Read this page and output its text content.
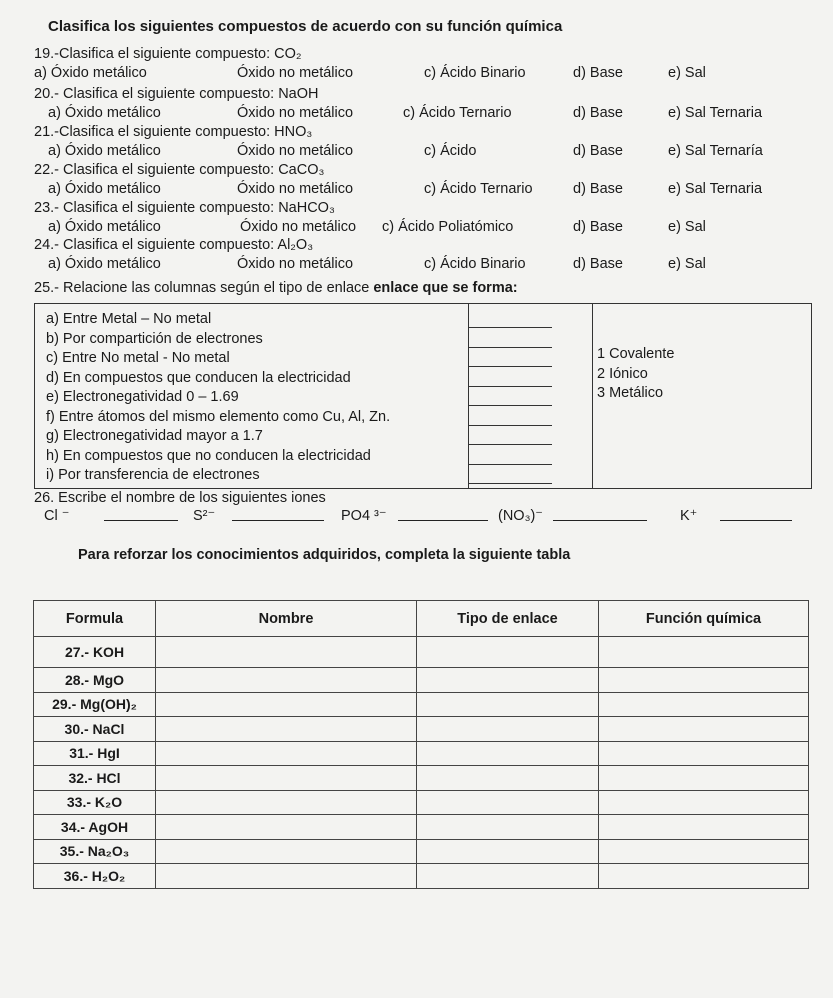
Clasifica los siguientes compuestos de acuerdo con su función química
19.-Clasifica el siguiente compuesto: CO₂
a) Óxido metálico	Óxido no metálico	c) Ácido Binario	d) Base	e) Sal
20.- Clasifica el siguiente compuesto: NaOH
a) Óxido metálico	Óxido no metálico	c) Ácido Ternario	d) Base	e) Sal Ternaria
21.-Clasifica el siguiente compuesto: HNO₃
a) Óxido metálico	Óxido no metálico	c) Ácido	d) Base	e) Sal Ternaría
22.- Clasifica el siguiente compuesto: CaCO₃
a) Óxido metálico	Óxido no metálico	c) Ácido Ternario	d) Base	e) Sal Ternaria
23.- Clasifica el siguiente compuesto: NaHCO₃
a) Óxido metálico	Óxido no metálico c) Ácido Poliatómico	d) Base	e) Sal
24.- Clasifica el siguiente compuesto: Al₂O₃
a) Óxido metálico	Óxido no metálico	c) Ácido Binario	d) Base	e) Sal
25.- Relacione las columnas según el tipo de enlace enlace que se forma:
a) Entre Metal – No metal
b) Por compartición de electrones
c) Entre No metal - No metal
d) En compuestos que conducen la electricidad
e) Electronegatividad 0 – 1.69
f) Entre átomos del mismo elemento como Cu, Al, Zn.
g) Electronegatividad mayor a 1.7
h) En compuestos que no conducen la electricidad
i) Por transferencia de electrones
1 Covalente
2 Iónico
3 Metálico
26. Escribe el nombre de los siguientes iones
Cl ⁻	S²⁻	PO4 ³⁻	(NO₃)⁻	K⁺
Para reforzar los conocimientos adquiridos, completa la siguiente tabla
Formula	Nombre	Tipo de enlace	Función química
27.- KOH			
28.- MgO			
29.- Mg(OH)₂			
30.- NaCl			
31.- HgI			
32.- HCl			
33.- K₂O			
34.- AgOH			
35.- Na₂O₃			
36.- H₂O₂			
